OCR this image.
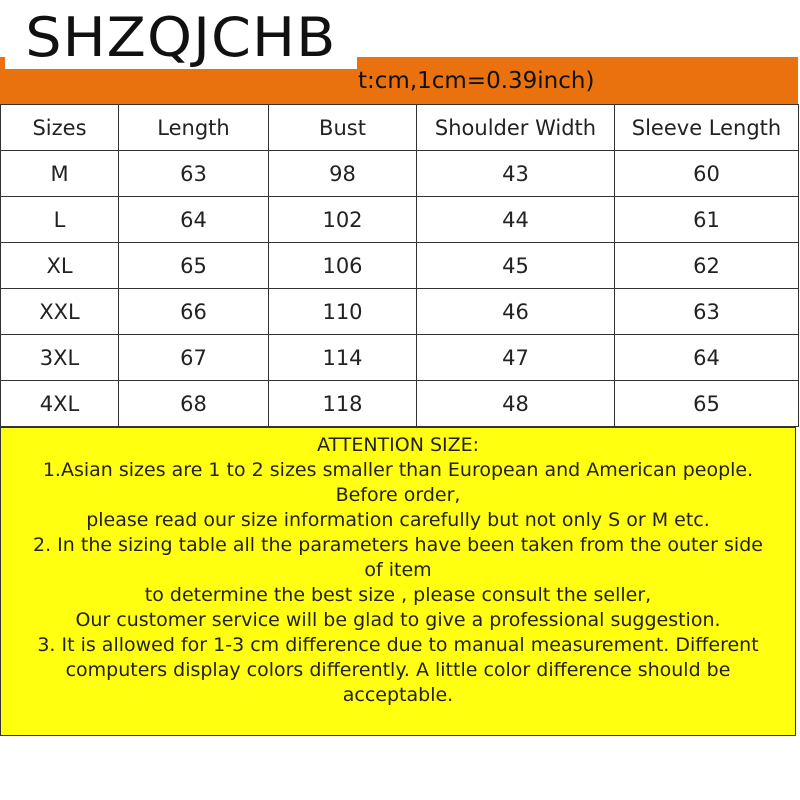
t:cm,1cm=0.39inch)
SHZQJCHB
Sizes	Length	Bust	Shoulder Width	Sleeve Length
M	63	98	43	60
L	64	102	44	61
XL	65	106	45	62
XXL	66	110	46	63
3XL	67	114	47	64
4XL	68	118	48	65
ATTENTION SIZE:
1.Asian sizes are 1 to 2 sizes smaller than European and American people.
Before order,
please read our size information carefully but not only S or M etc.
2. In the sizing table all the parameters have been taken from the outer side
of item
to determine the best size , please consult the seller,
Our customer service will be glad to give a professional suggestion.
3. It is allowed for 1-3 cm difference due to manual measurement. Different
computers display colors differently. A little color difference should be
acceptable.
